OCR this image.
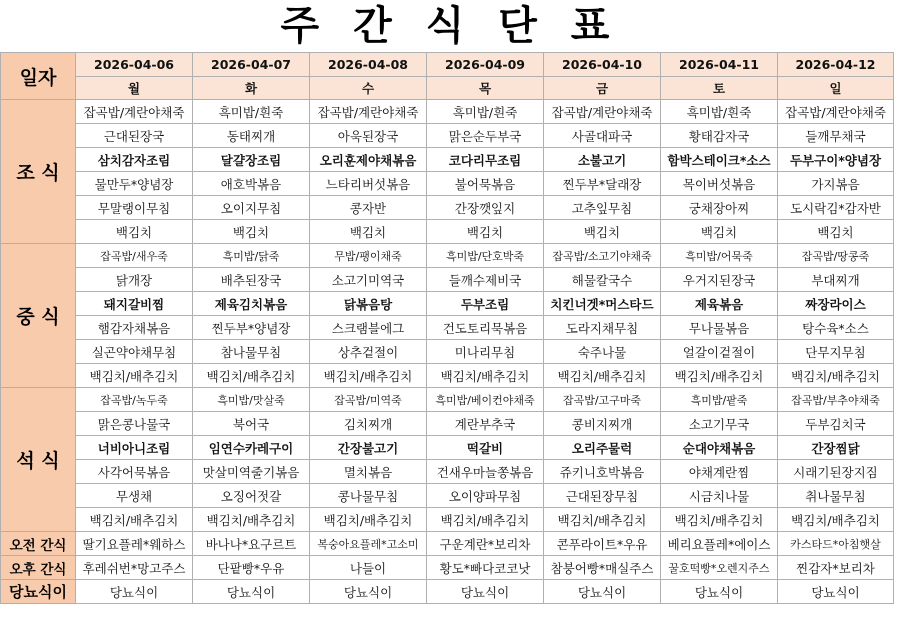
주 간 식 단 표
일자	2026-04-06	2026-04-07	2026-04-08	2026-04-09	2026-04-10	2026-04-11	2026-04-12
	월	화	수	목	금	토	일
조 식	잡곡밥/계란야채죽	흑미밥/흰죽	잡곡밥/계란야채죽	흑미밥/흰죽	잡곡밥/계란야채죽	흑미밥/흰죽	잡곡밥/계란야채죽
	근대된장국	동태찌개	아욱된장국	맑은순두부국	사골대파국	황태감자국	들깨무채국
	삼치감자조림	달걀장조림	오리훈제야채볶음	코다리무조림	소불고기	함박스테이크*소스	두부구이*양념장
	물만두*양념장	애호박볶음	느타리버섯볶음	불어묵볶음	찐두부*달래장	목이버섯볶음	가지볶음
	무말랭이무침	오이지무침	콩자반	간장깻잎지	고추잎무침	궁채장아찌	도시락김*감자반
	백김치	백김치	백김치	백김치	백김치	백김치	백김치
중 식	잡곡밥/새우죽	흑미밥/닭죽	무밥/팽이채죽	흑미밥/단호박죽	잡곡밥/소고기야채죽	흑미밥/어묵죽	잡곡밥/땅콩죽
	닭개장	배추된장국	소고기미역국	들깨수제비국	해물칼국수	우거지된장국	부대찌개
	돼지갈비찜	제육김치볶음	닭볶음탕	두부조림	치킨너겟*머스타드	제육볶음	짜장라이스
	햄감자채볶음	찐두부*양념장	스크램블에그	건도토리묵볶음	도라지채무침	무나물볶음	탕수육*소스
	실곤약야채무침	참나물무침	상추겉절이	미나리무침	숙주나물	얼갈이겉절이	단무지무침
	백김치/배추김치	백김치/배추김치	백김치/배추김치	백김치/배추김치	백김치/배추김치	백김치/배추김치	백김치/배추김치
석 식	잡곡밥/녹두죽	흑미밥/맛살죽	잡곡밥/미역죽	흑미밥/베이컨야채죽	잡곡밥/고구마죽	흑미밥/팥죽	잡곡밥/부추야채죽
	맑은콩나물국	북어국	김치찌개	계란부추국	콩비지찌개	소고기무국	두부김치국
	너비아니조림	임연수카레구이	간장불고기	떡갈비	오리주물럭	순대야채볶음	간장찜닭
	사각어묵볶음	맛살미역줄기볶음	멸치볶음	건새우마늘쫑볶음	쥬키니호박볶음	야채계란찜	시래기된장지짐
	무생채	오징어젓갈	콩나물무침	오이양파무침	근대된장무침	시금치나물	취나물무침
	백김치/배추김치	백김치/배추김치	백김치/배추김치	백김치/배추김치	백김치/배추김치	백김치/배추김치	백김치/배추김치
오전 간식	딸기요플레*웨하스	바나나*요구르트	복숭아요플레*고소미	구운계란*보리차	콘푸라이트*우유	베리요플레*에이스	카스타드*아침햇살
오후 간식	후레쉬번*망고주스	단팥빵*우유	나들이	황도*빠다코코낫	참붕어빵*매실주스	꿀호떡빵*오렌지주스	찐감자*보리차
당뇨식이	당뇨식이	당뇨식이	당뇨식이	당뇨식이	당뇨식이	당뇨식이	당뇨식이
